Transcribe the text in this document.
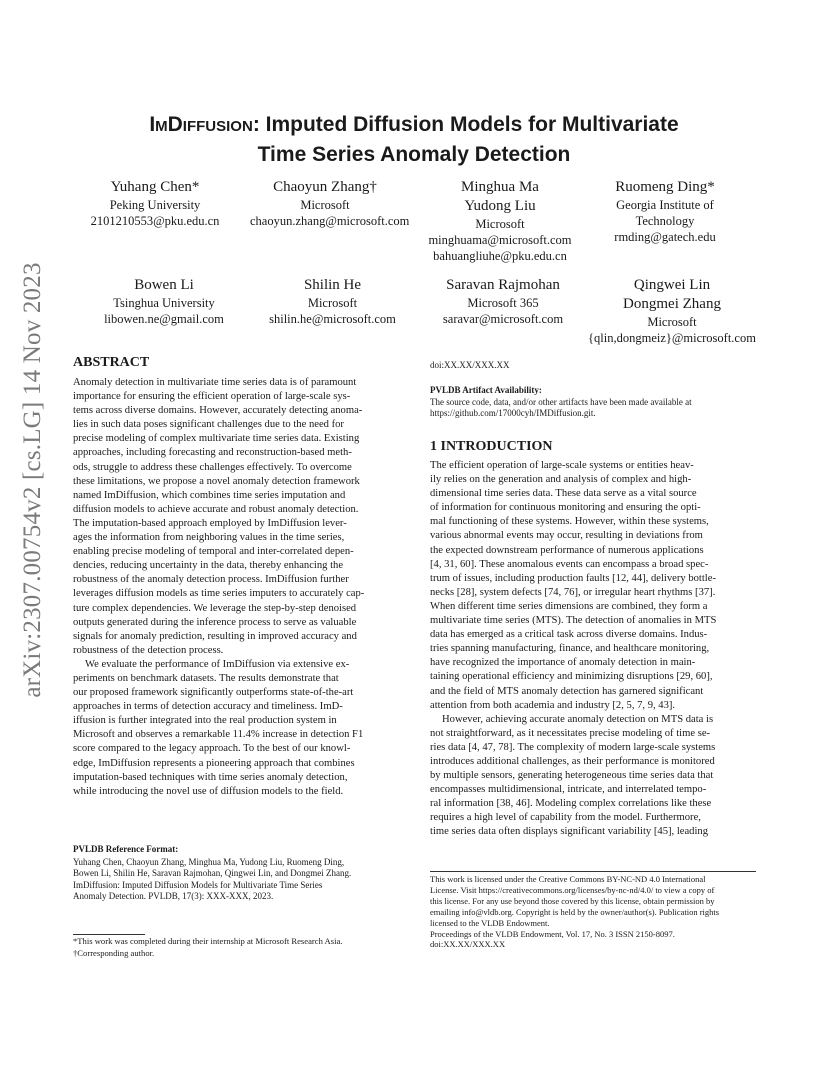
arXiv:2307.00754v2 [cs.LG] 14 Nov 2023
ImDiffusion: Imputed Diffusion Models for Multivariate
Time Series Anomaly Detection
Yuhang Chen*
Peking University
2101210553@pku.edu.cn
Chaoyun Zhang†
Microsoft
chaoyun.zhang@microsoft.com
Minghua Ma
Yudong Liu
Microsoft
minghuama@microsoft.com
bahuangliuhe@pku.edu.cn
Ruomeng Ding*
Georgia Institute of
Technology
rmding@gatech.edu
Bowen Li
Tsinghua University
libowen.ne@gmail.com
Shilin He
Microsoft
shilin.he@microsoft.com
Saravan Rajmohan
Microsoft 365
saravar@microsoft.com
Qingwei Lin
Dongmei Zhang
Microsoft
{qlin,dongmeiz}@microsoft.com
ABSTRACT
Anomaly detection in multivariate time series data is of paramount
importance for ensuring the efficient operation of large-scale sys-
tems across diverse domains. However, accurately detecting anoma-
lies in such data poses significant challenges due to the need for
precise modeling of complex multivariate time series data. Existing
approaches, including forecasting and reconstruction-based meth-
ods, struggle to address these challenges effectively. To overcome
these limitations, we propose a novel anomaly detection framework
named ImDiffusion, which combines time series imputation and
diffusion models to achieve accurate and robust anomaly detection.
The imputation-based approach employed by ImDiffusion lever-
ages the information from neighboring values in the time series,
enabling precise modeling of temporal and inter-correlated depen-
dencies, reducing uncertainty in the data, thereby enhancing the
robustness of the anomaly detection process. ImDiffusion further
leverages diffusion models as time series imputers to accurately cap-
ture complex dependencies. We leverage the step-by-step denoised
outputs generated during the inference process to serve as valuable
signals for anomaly prediction, resulting in improved accuracy and
robustness of the detection process.
We evaluate the performance of ImDiffusion via extensive ex-
periments on benchmark datasets. The results demonstrate that
our proposed framework significantly outperforms state-of-the-art
approaches in terms of detection accuracy and timeliness. ImD-
iffusion is further integrated into the real production system in
Microsoft and observes a remarkable 11.4% increase in detection F1
score compared to the legacy approach. To the best of our knowl-
edge, ImDiffusion represents a pioneering approach that combines
imputation-based techniques with time series anomaly detection,
while introducing the novel use of diffusion models to the field.
PVLDB Reference Format:
Yuhang Chen, Chaoyun Zhang, Minghua Ma, Yudong Liu, Ruomeng Ding,
Bowen Li, Shilin He, Saravan Rajmohan, Qingwei Lin, and Dongmei Zhang.
ImDiffusion: Imputed Diffusion Models for Multivariate Time Series
Anomaly Detection. PVLDB, 17(3): XXX-XXX, 2023.
*This work was completed during their internship at Microsoft Research Asia.
†Corresponding author.
doi:XX.XX/XXX.XX
PVLDB Artifact Availability:
The source code, data, and/or other artifacts have been made available at
https://github.com/17000cyh/IMDiffusion.git.
1 INTRODUCTION
The efficient operation of large-scale systems or entities heav-
ily relies on the generation and analysis of complex and high-
dimensional time series data. These data serve as a vital source
of information for continuous monitoring and ensuring the opti-
mal functioning of these systems. However, within these systems,
various abnormal events may occur, resulting in deviations from
the expected downstream performance of numerous applications
[4, 31, 60]. These anomalous events can encompass a broad spec-
trum of issues, including production faults [12, 44], delivery bottle-
necks [28], system defects [74, 76], or irregular heart rhythms [37].
When different time series dimensions are combined, they form a
multivariate time series (MTS). The detection of anomalies in MTS
data has emerged as a critical task across diverse domains. Indus-
tries spanning manufacturing, finance, and healthcare monitoring,
have recognized the importance of anomaly detection in main-
taining operational efficiency and minimizing disruptions [29, 60],
and the field of MTS anomaly detection has garnered significant
attention from both academia and industry [2, 5, 7, 9, 43].
However, achieving accurate anomaly detection on MTS data is
not straightforward, as it necessitates precise modeling of time se-
ries data [4, 47, 78]. The complexity of modern large-scale systems
introduces additional challenges, as their performance is monitored
by multiple sensors, generating heterogeneous time series data that
encompasses multidimensional, intricate, and interrelated tempo-
ral information [38, 46]. Modeling complex correlations like these
requires a high level of capability from the model. Furthermore,
time series data often displays significant variability [45], leading
This work is licensed under the Creative Commons BY-NC-ND 4.0 International
License. Visit https://creativecommons.org/licenses/by-nc-nd/4.0/ to view a copy of
this license. For any use beyond those covered by this license, obtain permission by
emailing info@vldb.org. Copyright is held by the owner/author(s). Publication rights
licensed to the VLDB Endowment.
Proceedings of the VLDB Endowment, Vol. 17, No. 3 ISSN 2150-8097.
doi:XX.XX/XXX.XX
